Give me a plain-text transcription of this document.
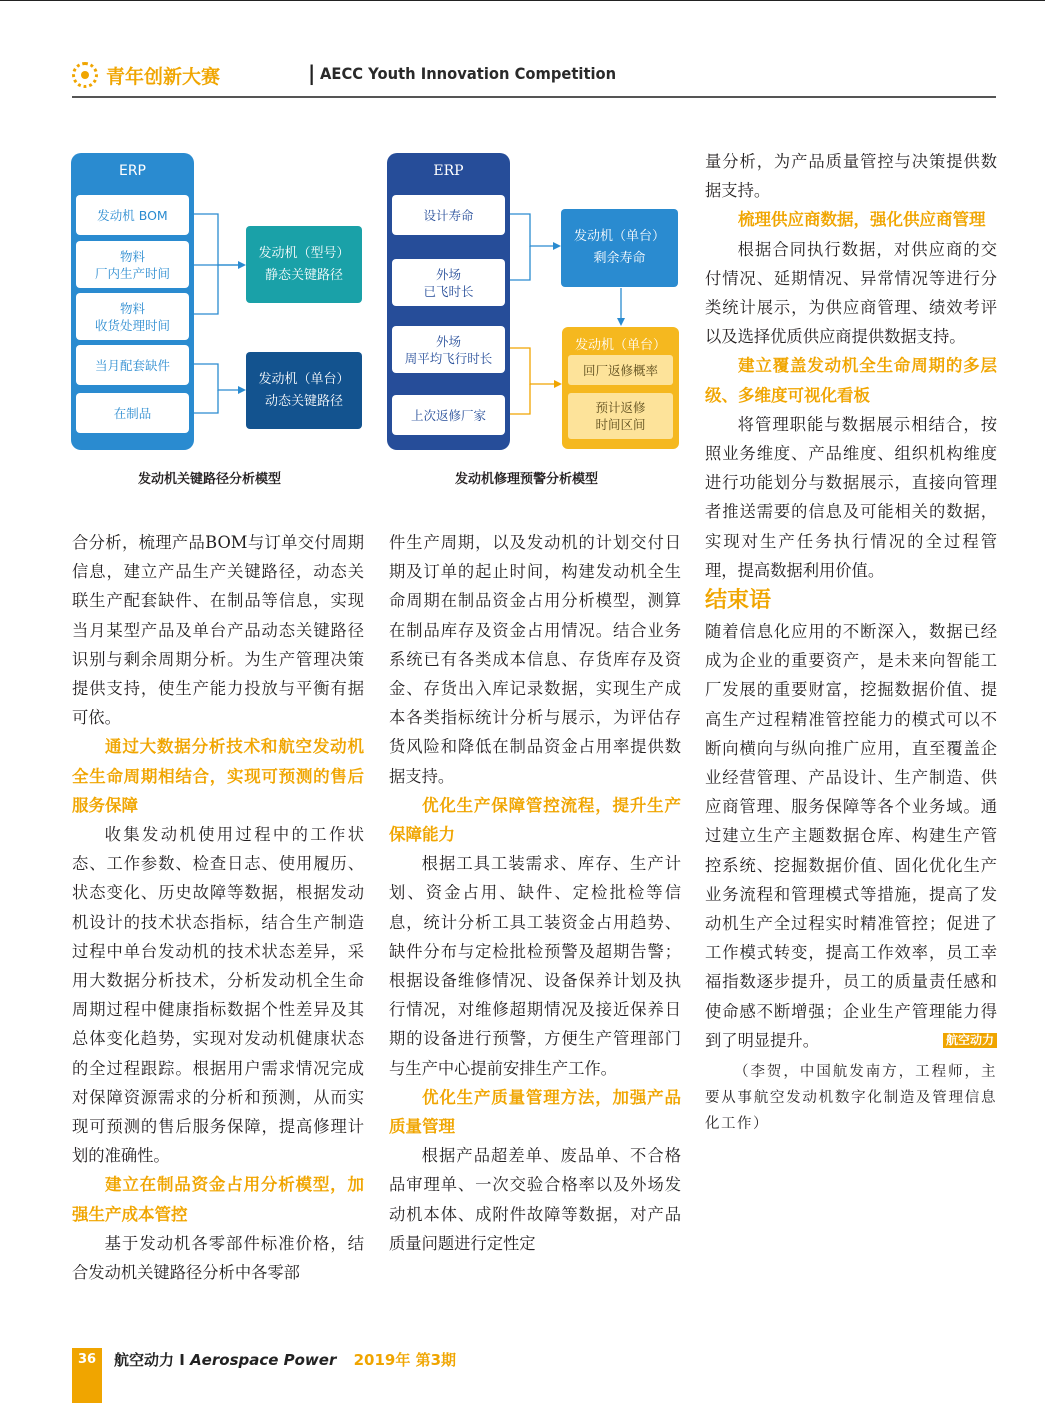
青年创新大赛	| AECC Youth Innovation Competition
ERP
发动机 BOM
物料
厂内生产时间
物料
收货处理时间
当月配套缺件
在制品
发动机（型号）
静态关键路径
发动机（单台）
动态关键路径
发动机关键路径分析模型
ERP
设计寿命
外场
已飞时长
外场
周平均飞行时长
上次返修厂家
发动机（单台）
剩余寿命
发动机（单台）
回厂返修概率
预计返修
时间区间
发动机修理预警分析模型

合分析，梳理产品BOM与订单交付周期信息，建立产品生产关键路径，动态关联生产配套缺件、在制品等信息，实现当月某型产品及单台产品动态关键路径识别与剩余周期分析。为生产管理决策提供支持，使生产能力投放与平衡有据可依。

通过大数据分析技术和航空发动机全生命周期相结合，实现可预测的售后服务保障

收集发动机使用过程中的工作状态、工作参数、检查日志、使用履历、状态变化、历史故障等数据，根据发动机设计的技术状态指标，结合生产制造过程中单台发动机的技术状态差异，采用大数据分析技术，分析发动机全生命周期过程中健康指标数据个性差异及其总体变化趋势，实现对发动机健康状态的全过程跟踪。根据用户需求情况完成对保障资源需求的分析和预测，从而实现可预测的售后服务保障，提高修理计划的准确性。

建立在制品资金占用分析模型，加强生产成本管控

基于发动机各零部件标准价格，结合发动机关键路径分析中各零部

件生产周期，以及发动机的计划交付日期及订单的起止时间，构建发动机全生命周期在制品资金占用分析模型，测算在制品库存及资金占用情况。结合业务系统已有各类成本信息、存货库存及资金、存货出入库记录数据，实现生产成本各类指标统计分析与展示，为评估存货风险和降低在制品资金占用率提供数据支持。

优化生产保障管控流程，提升生产保障能力

根据工具工装需求、库存、生产计划、资金占用、缺件、定检批检等信息，统计分析工具工装资金占用趋势、缺件分布与定检批检预警及超期告警；根据设备维修情况、设备保养计划及执行情况，对维修超期情况及接近保养日期的设备进行预警，方便生产管理部门与生产中心提前安排生产工作。

优化生产质量管理方法，加强产品质量管理

根据产品超差单、废品单、不合格品审理单、一次交验合格率以及外场发动机本体、成附件故障等数据，对产品质量问题进行定性定

量分析，为产品质量管控与决策提供数据支持。

梳理供应商数据，强化供应商管理

根据合同执行数据，对供应商的交付情况、延期情况、异常情况等进行分类统计展示，为供应商管理、绩效考评以及选择优质供应商提供数据支持。

建立覆盖发动机全生命周期的多层级、多维度可视化看板

将管理职能与数据展示相结合，按照业务维度、产品维度、组织机构维度进行功能划分与数据展示，直接向管理者推送需要的信息及可能相关的数据，实现对生产任务执行情况的全过程管理，提高数据利用价值。

结束语

随着信息化应用的不断深入，数据已经成为企业的重要资产，是未来向智能工厂发展的重要财富，挖掘数据价值、提高生产过程精准管控能力的模式可以不断向横向与纵向推广应用，直至覆盖企业经营管理、产品设计、生产制造、供应商管理、服务保障等各个业务域。通过建立生产主题数据仓库、构建生产管控系统、挖掘数据价值、固化优化生产业务流程和管理模式等措施，提高了发动机生产全过程实时精准管控；促进了工作模式转变，提高工作效率，员工幸福指数逐步提升，员工的质量责任感和使命感不断增强；企业生产管理能力得到了明显提升。	航空动力

（李贺，中国航发南方，工程师，主要从事航空发动机数字化制造及管理信息化工作）

36	航空动力 I Aerospace Power 2019年 第3期
